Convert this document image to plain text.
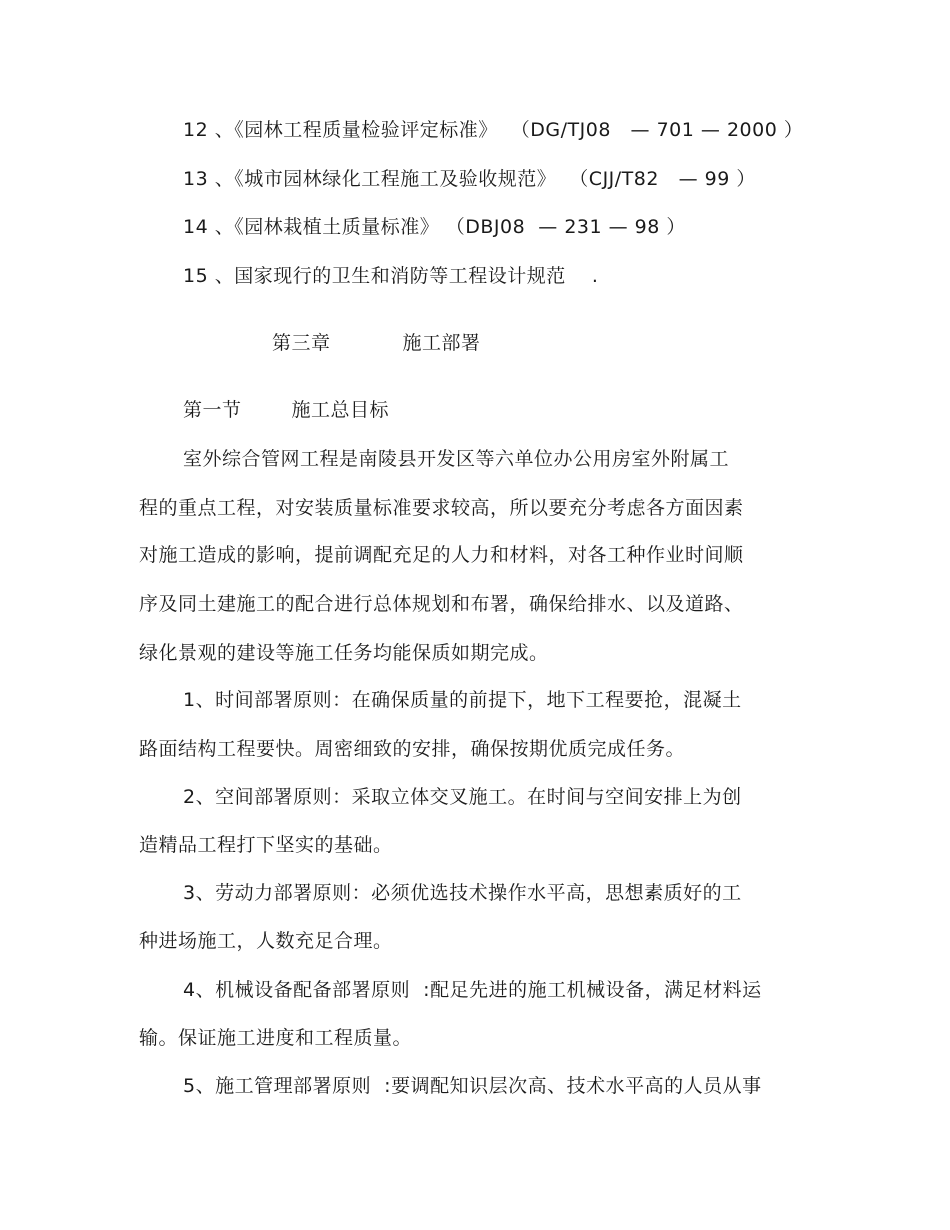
12 、《园林工程质量检验评定标准》  （DG/TJ08   — 701 — 2000 ）
13 、《城市园林绿化工程施工及验收规范》  （CJJ/T82   — 99 ）
14 、《园林栽植土质量标准》 （DBJ08  — 231 — 98 ）
15 、国家现行的卫生和消防等工程设计规范    .
第三章	施工部署
第一节	施工总目标
室外综合管网工程是南陵县开发区等六单位办公用房室外附属工
程的重点工程，对安装质量标准要求较高，所以要充分考虑各方面因素
对施工造成的影响，提前调配充足的人力和材料，对各工种作业时间顺
序及同土建施工的配合进行总体规划和布署，确保给排水、以及道路、
绿化景观的建设等施工任务均能保质如期完成。
1、时间部署原则：在确保质量的前提下，地下工程要抢，混凝土
路面结构工程要快。周密细致的安排，确保按期优质完成任务。
2、空间部署原则：采取立体交叉施工。在时间与空间安排上为创
造精品工程打下坚实的基础。
3、劳动力部署原则：必须优选技术操作水平高，思想素质好的工
种进场施工，人数充足合理。
4、机械设备配备部署原则  :配足先进的施工机械设备，满足材料运
输。保证施工进度和工程质量。
5、施工管理部署原则  :要调配知识层次高、技术水平高的人员从事
